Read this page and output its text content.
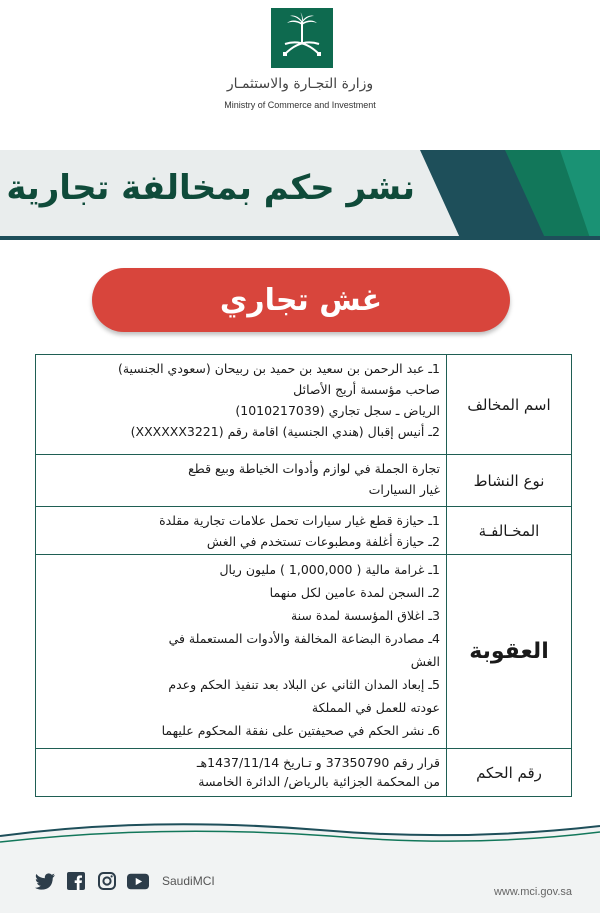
وزارة التجـارة والاستثمـار
Ministry of Commerce and Investment
نشر حكم بمخالفة تجارية
غش تجاري
اسم المخالف
1ـ عبد الرحمن بن سعيد بن حميد بن ربيحان (سعودي الجنسية)
صاحب مؤسسة أريج الأصائل
الرياض ـ سجل تجاري (1010217039)
2ـ أنيس إقبال (هندي الجنسية) اقامة رقم (XXXXXX3221)
نوع النشاط
تجارة الجملة في لوازم وأدوات الخياطة وبيع قطع
غيار السيارات
المخـالفـة
1ـ حيازة قطع غيار سيارات تحمل علامات تجارية مقلدة
2ـ حيازة أغلفة ومطبوعات تستخدم في الغش
العقوبة
1ـ غرامة مالية ( 1,000,000 ) مليون ريال
2ـ السجن لمدة عامين لكل منهما
3ـ اغلاق المؤسسة لمدة سنة
4ـ مصادرة البضاعة المخالفة والأدوات المستعملة في
الغش
5ـ إبعاد المدان الثاني عن البلاد بعد تنفيذ الحكم وعدم
عودته للعمل في المملكة
6ـ نشر الحكم في صحيفتين على نفقة المحكوم عليهما
رقم الحكم
قرار رقم 37350790 و تـاريخ 1437/11/14هـ
من المحكمة الجزائية بالرياض/ الدائرة الخامسة
SaudiMCI
www.mci.gov.sa
